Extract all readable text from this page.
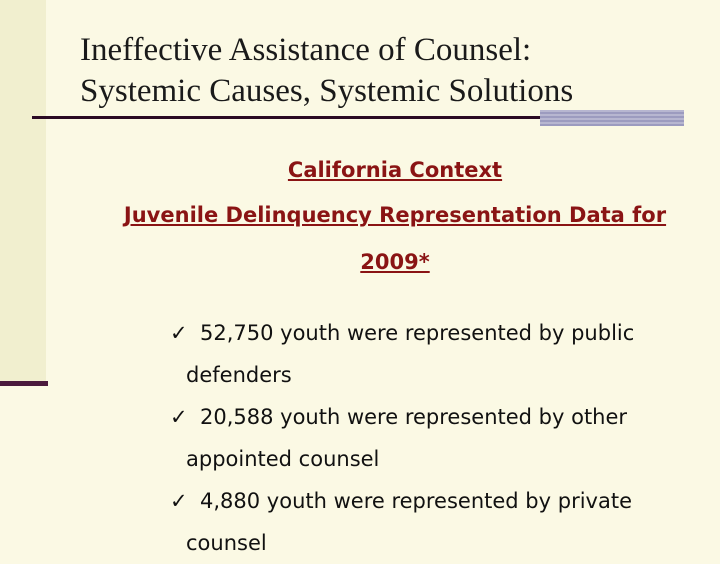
Ineffective Assistance of Counsel:
Systemic Causes, Systemic Solutions
California Context
Juvenile Delinquency Representation Data for
2009*

✓ 52,750 youth were represented by public defenders

✓ 20,588 youth were represented by other appointed counsel

✓ 4,880 youth were represented by private counsel
